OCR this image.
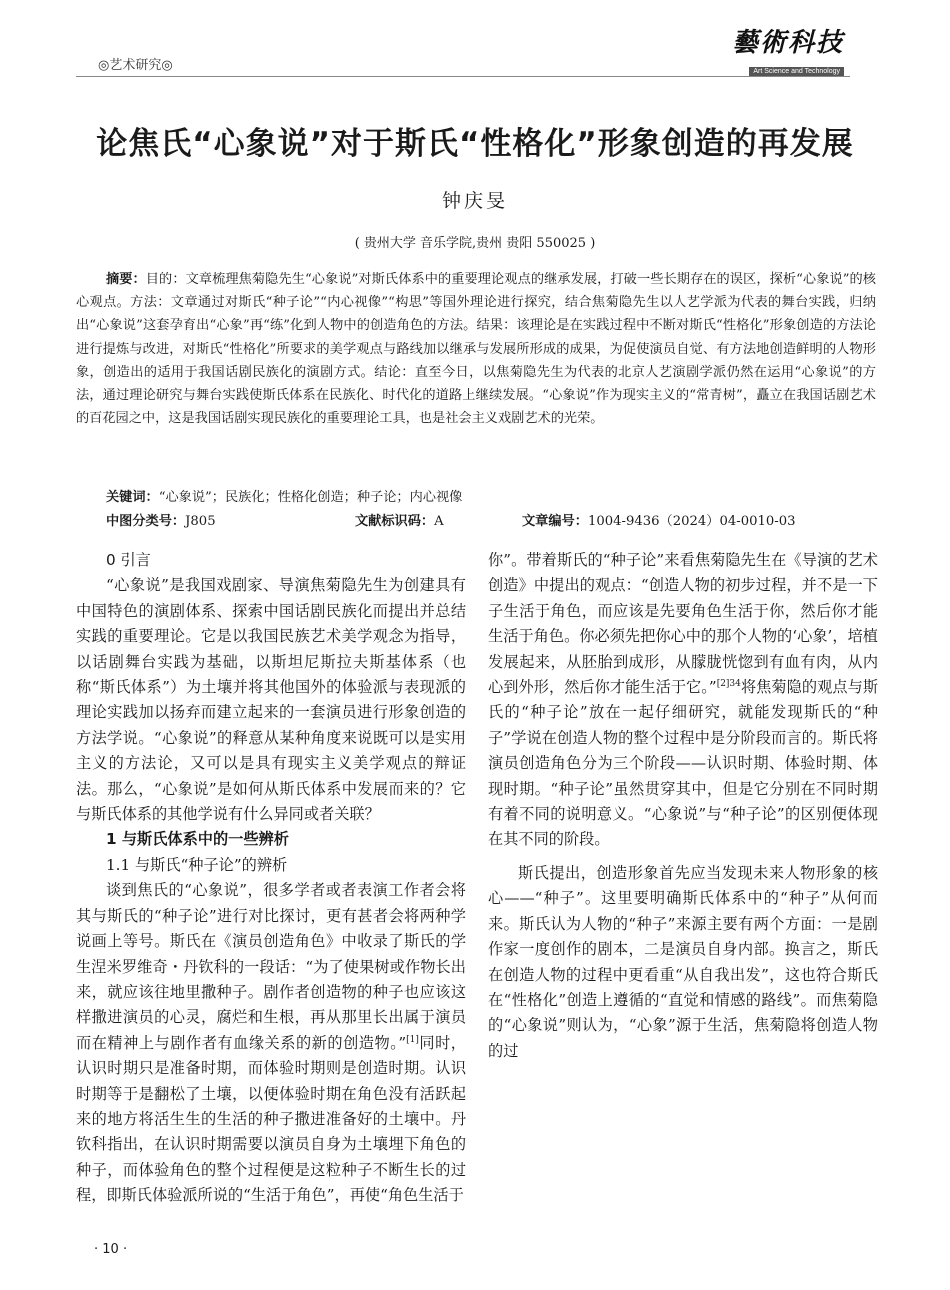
◎艺术研究◎
藝術科技
Art Science and Technology
论焦氏“心象说”对于斯氏“性格化”形象创造的再发展
钟庆旻
( 贵州大学 音乐学院,贵州 贵阳 550025 )

摘要：目的：文章梳理焦菊隐先生“心象说”对斯氏体系中的重要理论观点的继承发展，打破一些长期存在的误区，探析“心象说”的核心观点。方法：文章通过对斯氏“种子论”“内心视像”“构思”等国外理论进行探究，结合焦菊隐先生以人艺学派为代表的舞台实践，归纳出“心象说”这套孕育出“心象”再“练”化到人物中的创造角色的方法。结果：该理论是在实践过程中不断对斯氏“性格化”形象创造的方法论进行提炼与改进，对斯氏“性格化”所要求的美学观点与路线加以继承与发展所形成的成果，为促使演员自觉、有方法地创造鲜明的人物形象，创造出的适用于我国话剧民族化的演剧方式。结论：直至今日，以焦菊隐先生为代表的北京人艺演剧学派仍然在运用“心象说”的方法，通过理论研究与舞台实践使斯氏体系在民族化、时代化的道路上继续发展。“心象说”作为现实主义的“常青树”，矗立在我国话剧艺术的百花园之中，这是我国话剧实现民族化的重要理论工具，也是社会主义戏剧艺术的光荣。

关键词：“心象说”；民族化；性格化创造；种子论；内心视像
中图分类号：J805	文献标识码：A	文章编号：1004-9436（2024）04-0010-03

0 引言

“心象说”是我国戏剧家、导演焦菊隐先生为创建具有中国特色的演剧体系、探索中国话剧民族化而提出并总结实践的重要理论。它是以我国民族艺术美学观念为指导，以话剧舞台实践为基础，以斯坦尼斯拉夫斯基体系（也称“斯氏体系”）为土壤并将其他国外的体验派与表现派的理论实践加以扬弃而建立起来的一套演员进行形象创造的方法学说。“心象说”的释意从某种角度来说既可以是实用主义的方法论，又可以是具有现实主义美学观点的辩证法。那么，“心象说”是如何从斯氏体系中发展而来的？它与斯氏体系的其他学说有什么异同或者关联？

1 与斯氏体系中的一些辨析

1.1 与斯氏“种子论”的辨析

谈到焦氏的“心象说”，很多学者或者表演工作者会将其与斯氏的“种子论”进行对比探讨，更有甚者会将两种学说画上等号。斯氏在《演员创造角色》中收录了斯氏的学生涅米罗维奇・丹钦科的一段话：“为了使果树或作物长出来，就应该往地里撒种子。剧作者创造物的种子也应该这样撒进演员的心灵，腐烂和生根，再从那里长出属于演员而在精神上与剧作者有血缘关系的新的创造物。”[1]同时，认识时期只是准备时期，而体验时期则是创造时期。认识时期等于是翻松了土壤，以便体验时期在角色没有活跃起来的地方将活生生的生活的种子撒进准备好的土壤中。丹钦科指出，在认识时期需要以演员自身为土壤埋下角色的种子，而体验角色的整个过程便是这粒种子不断生长的过程，即斯氏体验派所说的“生活于角色”，再使“角色生活于

你”。带着斯氏的“种子论”来看焦菊隐先生在《导演的艺术创造》中提出的观点：“创造人物的初步过程，并不是一下子生活于角色，而应该是先要角色生活于你，然后你才能生活于角色。你必须先把你心中的那个人物的‘心象’，培植发展起来，从胚胎到成形，从朦胧恍惚到有血有肉，从内心到外形，然后你才能生活于它。”$^{[2]34}$将焦菊隐的观点与斯氏的“种子论”放在一起仔细研究，就能发现斯氏的“种子”学说在创造人物的整个过程中是分阶段而言的。斯氏将演员创造角色分为三个阶段——认识时期、体验时期、体现时期。“种子论”虽然贯穿其中，但是它分别在不同时期有着不同的说明意义。“心象说”与“种子论”的区别便体现在其不同的阶段。

斯氏提出，创造形象首先应当发现未来人物形象的核心——“种子”。这里要明确斯氏体系中的“种子”从何而来。斯氏认为人物的“种子”来源主要有两个方面：一是剧作家一度创作的剧本，二是演员自身内部。换言之，斯氏在创造人物的过程中更看重“从自我出发”，这也符合斯氏在“性格化”创造上遵循的“直觉和情感的路线”。而焦菊隐的“心象说”则认为，“心象”源于生活，焦菊隐将创造人物的过

· 10 ·
